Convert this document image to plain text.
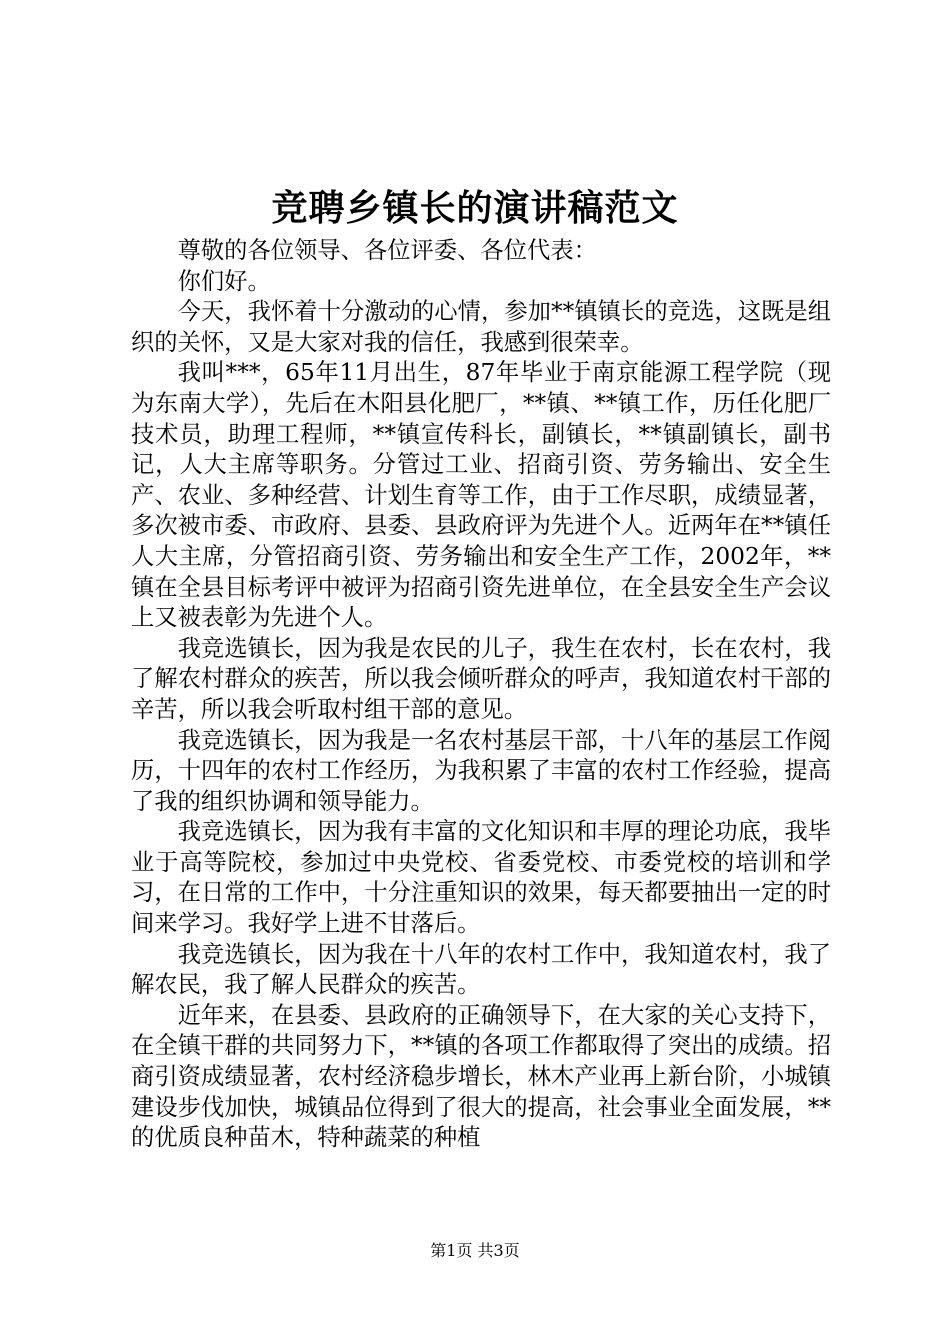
竞聘乡镇长的演讲稿范文

尊敬的各位领导、各位评委、各位代表：

你们好。

今天，我怀着十分激动的心情，参加**镇镇长的竞选，这既是组织的关怀，又是大家对我的信任，我感到很荣幸。

我叫***，65年11月出生，87年毕业于南京能源工程学院（现为东南大学），先后在木阳县化肥厂，**镇、**镇工作，历任化肥厂技术员，助理工程师，**镇宣传科长，副镇长，**镇副镇长，副书记，人大主席等职务。分管过工业、招商引资、劳务输出、安全生产、农业、多种经营、计划生育等工作，由于工作尽职，成绩显著，多次被市委、市政府、县委、县政府评为先进个人。近两年在**镇任人大主席，分管招商引资、劳务输出和安全生产工作，2002年，**镇在全县目标考评中被评为招商引资先进单位，在全县安全生产会议上又被表彰为先进个人。

我竞选镇长，因为我是农民的儿子，我生在农村，长在农村，我了解农村群众的疾苦，所以我会倾听群众的呼声，我知道农村干部的辛苦，所以我会听取村组干部的意见。

我竞选镇长，因为我是一名农村基层干部，十八年的基层工作阅历，十四年的农村工作经历，为我积累了丰富的农村工作经验，提高了我的组织协调和领导能力。

我竞选镇长，因为我有丰富的文化知识和丰厚的理论功底，我毕业于高等院校，参加过中央党校、省委党校、市委党校的培训和学习，在日常的工作中，十分注重知识的效果，每天都要抽出一定的时间来学习。我好学上进不甘落后。

我竞选镇长，因为我在十八年的农村工作中，我知道农村，我了解农民，我了解人民群众的疾苦。

近年来，在县委、县政府的正确领导下，在大家的关心支持下，在全镇干群的共同努力下，**镇的各项工作都取得了突出的成绩。招商引资成绩显著，农村经济稳步增长，林木产业再上新台阶，小城镇建设步伐加快，城镇品位得到了很大的提高，社会事业全面发展，**的优质良种苗木，特种蔬菜的种植

第1页 共3页
